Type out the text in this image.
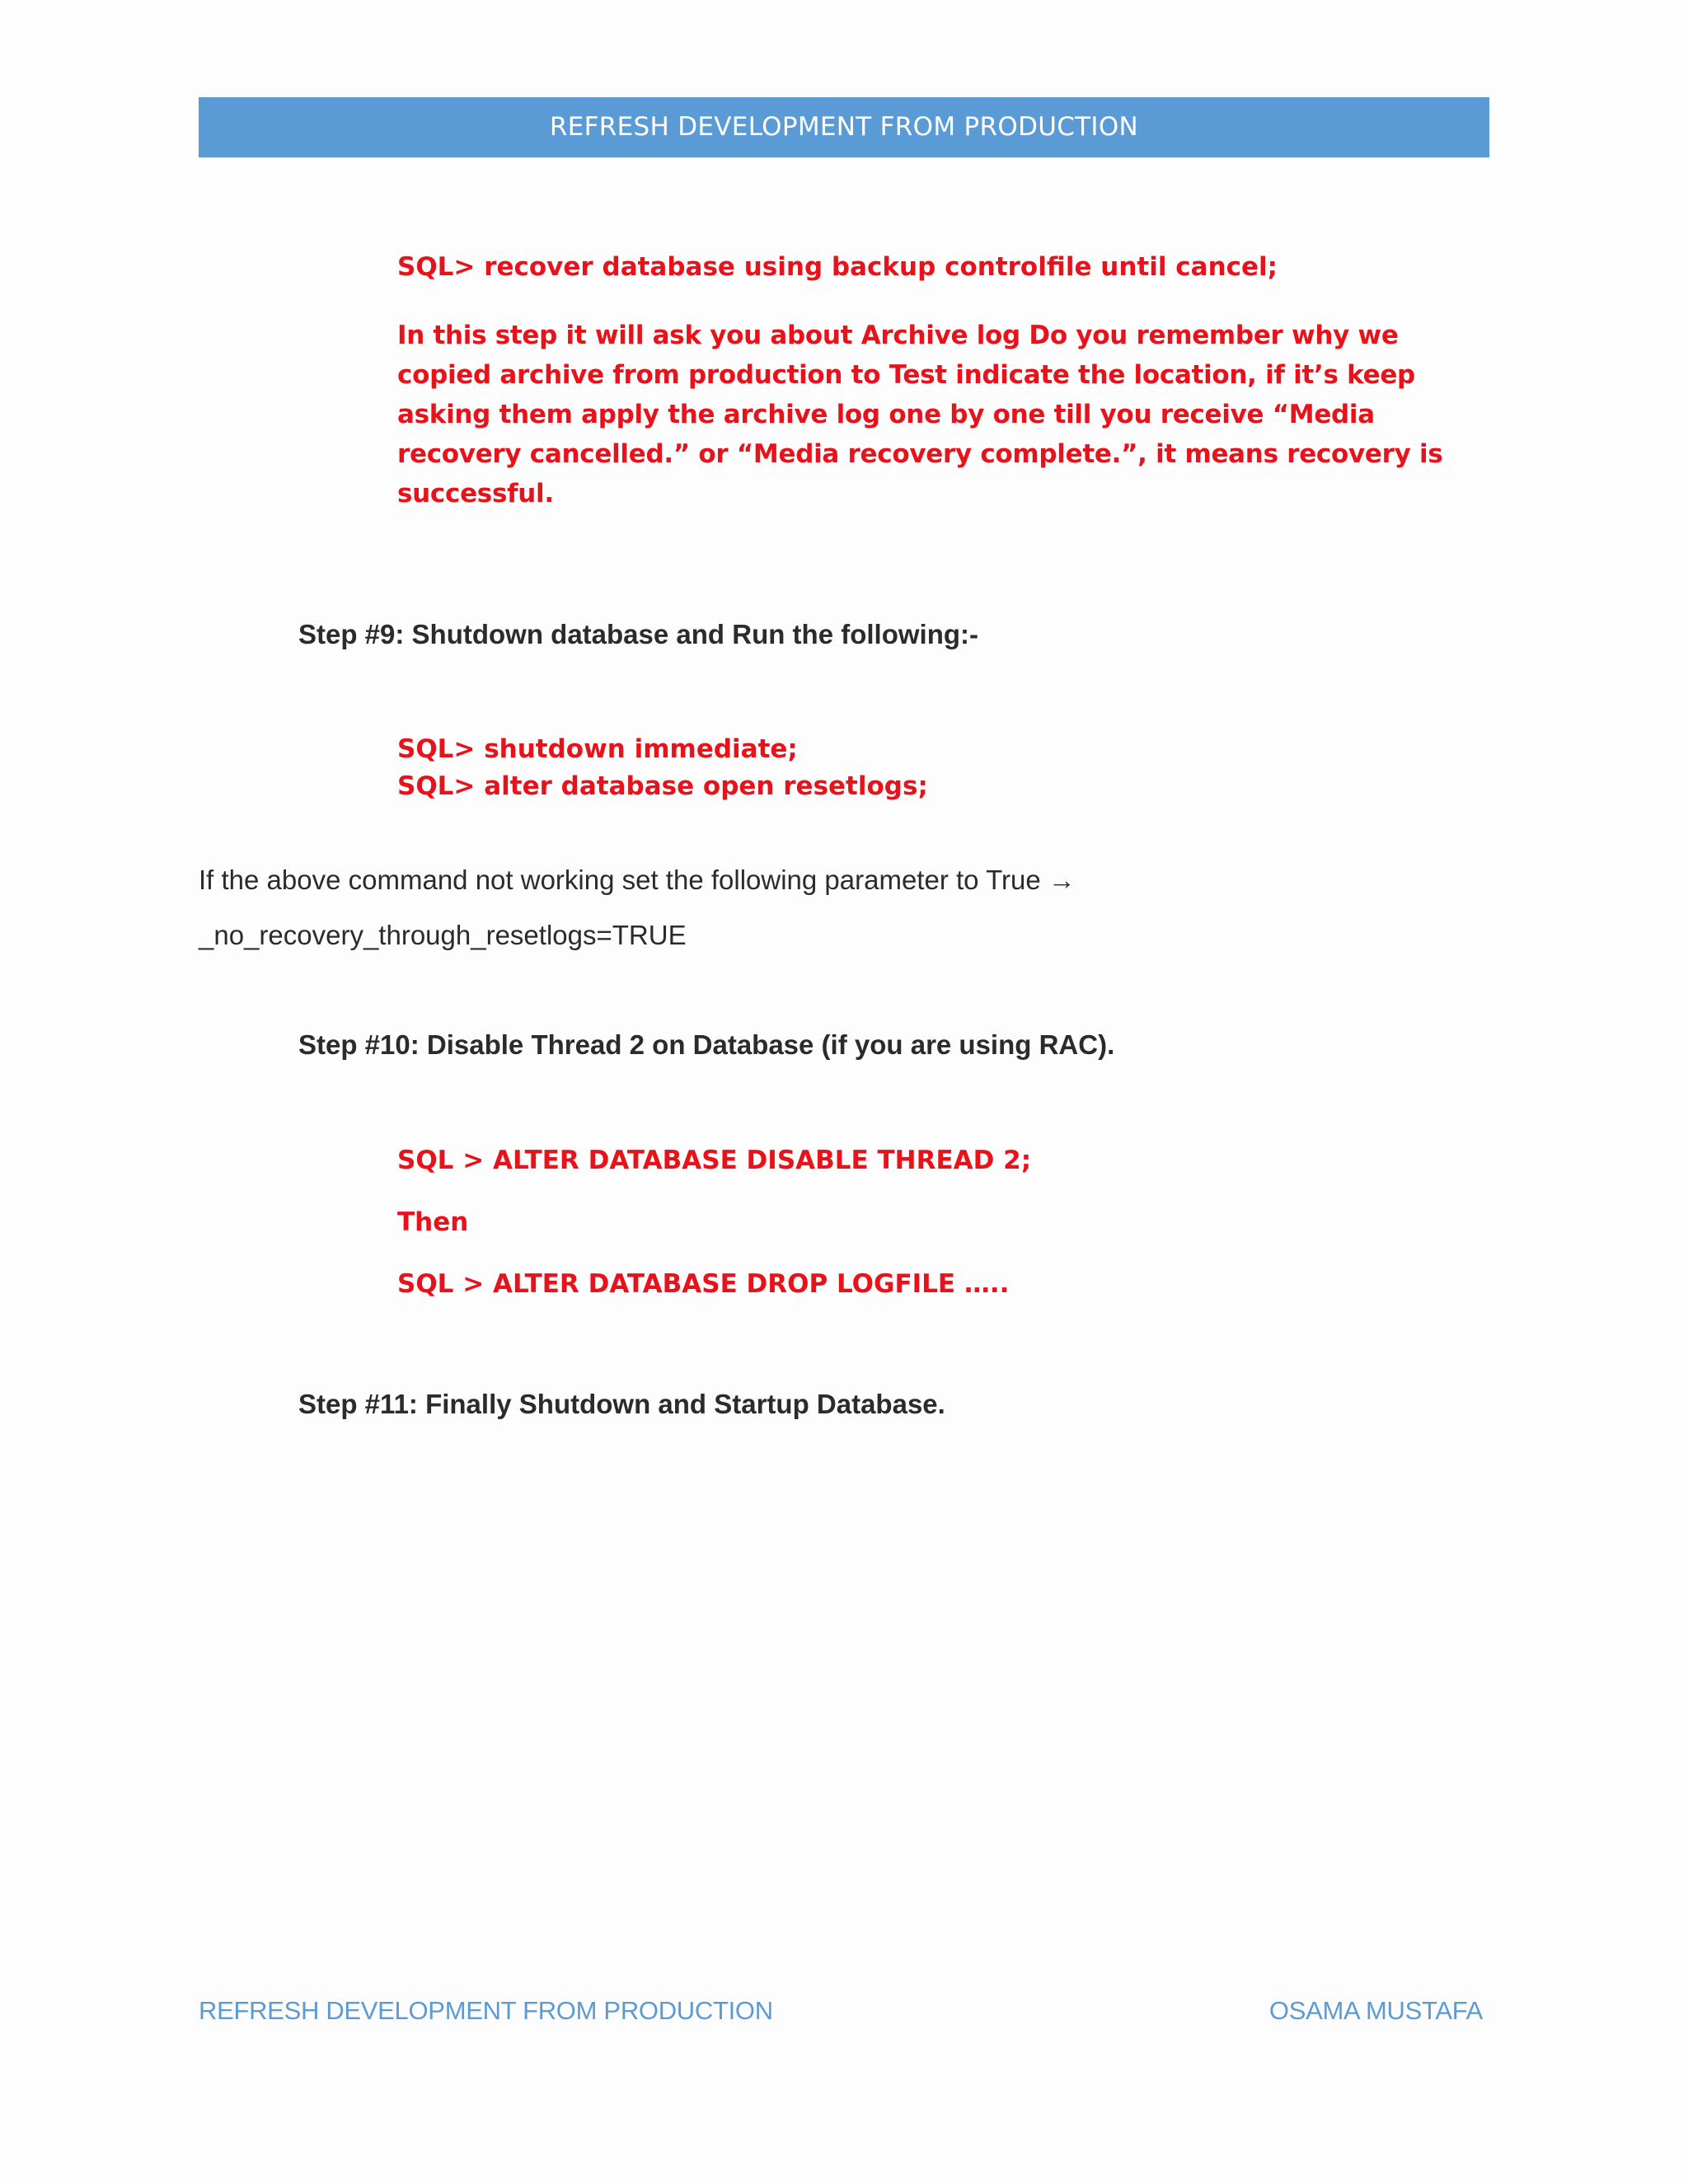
REFRESH DEVELOPMENT FROM PRODUCTION
SQL> recover database using backup controlfile until cancel;
In this step it will ask you about Archive log Do you remember why we copied archive from production to Test indicate the location, if it’s keep asking them apply the archive log one by one till you receive “Media recovery cancelled.” or “Media recovery complete.”, it means recovery is successful.
Step #9: Shutdown database and Run the following:-
SQL> shutdown immediate;
SQL> alter database open resetlogs;
If the above command not working set the following parameter to True →
_no_recovery_through_resetlogs=TRUE
Step #10: Disable Thread 2 on Database (if you are using RAC).
SQL > ALTER DATABASE DISABLE THREAD 2;
Then
SQL > ALTER DATABASE DROP LOGFILE …..
Step #11: Finally Shutdown and Startup Database.
REFRESH DEVELOPMENT FROM PRODUCTION	OSAMA MUSTAFA
